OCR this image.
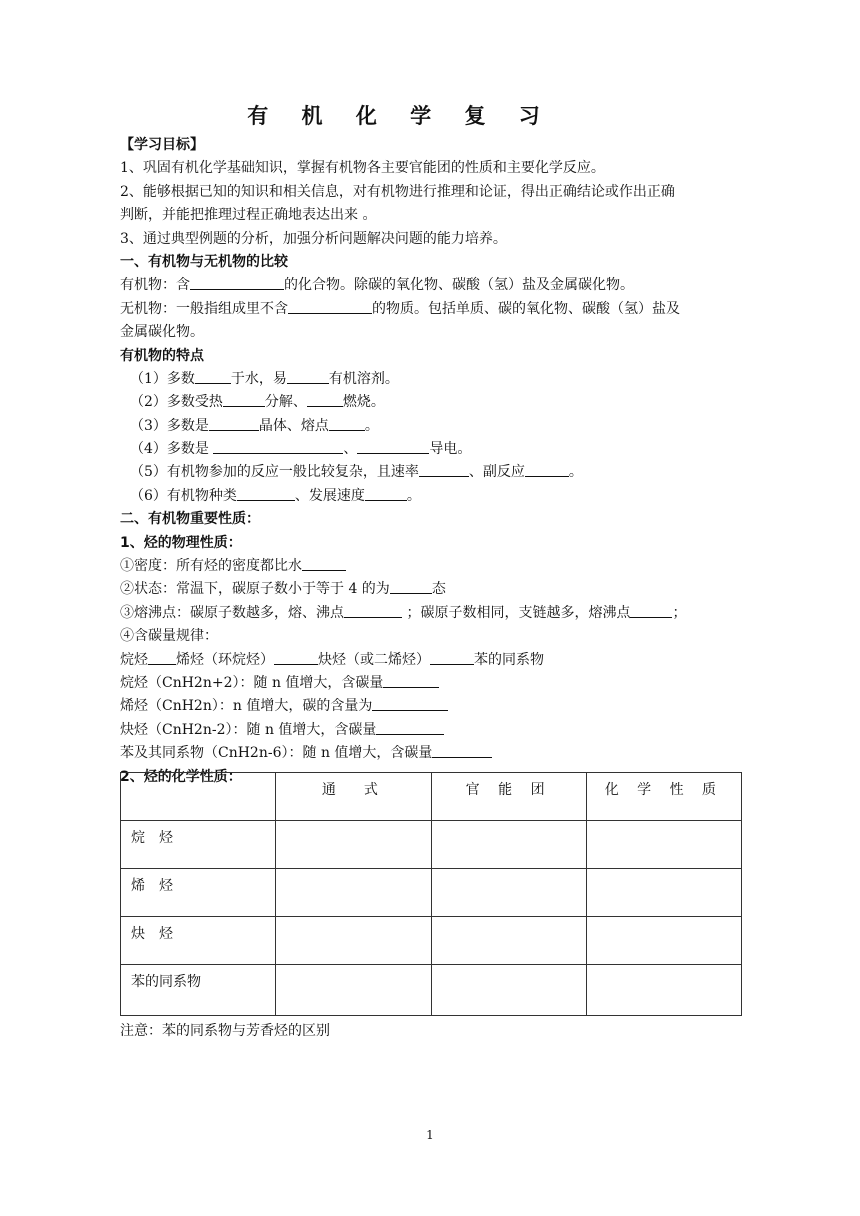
有 机 化 学 复 习
【学习目标】
1、巩固有机化学基础知识，掌握有机物各主要官能团的性质和主要化学反应。
2、能够根据已知的知识和相关信息，对有机物进行推理和论证，得出正确结论或作出正确
判断，并能把推理过程正确地表达出来 。
3、通过典型例题的分析，加强分析问题解决问题的能力培养。
一、有机物与无机物的比较
有机物：含	的化合物。除碳的氧化物、碳酸（氢）盐及金属碳化物。
无机物：一般指组成里不含	的物质。包括单质、碳的氧化物、碳酸（氢）盐及
金属碳化物。
有机物的特点
（1）多数	于水，易	有机溶剂。
（2）多数受热	分解、	燃烧。
（3）多数是	晶体、熔点	。
（4）多数是	、	导电。
（5）有机物参加的反应一般比较复杂，且速率	、副反应	。
（6）有机物种类	、发展速度	。
二、有机物重要性质：
1、烃的物理性质：
①密度：所有烃的密度都比水
②状态：常温下，碳原子数小于等于 4 的为	态
③熔沸点：碳原子数越多，熔、沸点	；碳原子数相同，支链越多，熔沸点	；
④含碳量规律：
烷烃 烯烃（环烷烃）	炔烃（或二烯烃）	苯的同系物
烷烃（CnH2n+2）：随 n 值增大，含碳量
烯烃（CnH2n）：n 值增大，碳的含量为
炔烃（CnH2n-2）：随 n 值增大，含碳量
苯及其同系物（CnH2n-6）：随 n 值增大，含碳量
2、烃的化学性质：
	通　式	官 能 团	化 学 性 质
烷　烃			
烯　烃			
炔　烃			
苯的同系物			
注意：苯的同系物与芳香烃的区别
1
